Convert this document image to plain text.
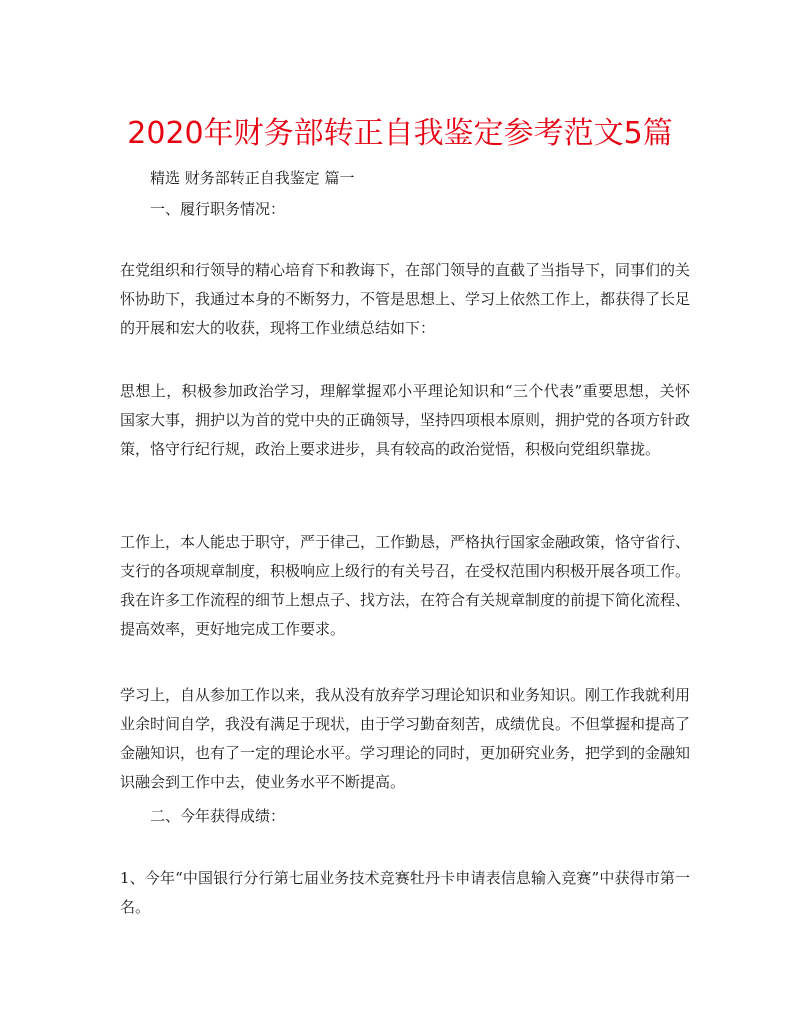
2020年财务部转正自我鉴定参考范文5篇
精选 财务部转正自我鉴定 篇一
一、履行职务情况：
在党组织和行领导的精心培育下和教诲下，在部门领导的直截了当指导下，同事们的关怀协助下，我通过本身的不断努力，不管是思想上、学习上依然工作上，都获得了长足的开展和宏大的收获，现将工作业绩总结如下：
思想上，积极参加政治学习，理解掌握邓小平理论知识和“三个代表”重要思想，关怀国家大事，拥护以为首的党中央的正确领导，坚持四项根本原则，拥护党的各项方针政策，恪守行纪行规，政治上要求进步，具有较高的政治觉悟，积极向党组织靠拢。
工作上，本人能忠于职守，严于律己，工作勤恳，严格执行国家金融政策，恪守省行、支行的各项规章制度，积极响应上级行的有关号召，在受权范围内积极开展各项工作。我在许多工作流程的细节上想点子、找方法，在符合有关规章制度的前提下简化流程、提高效率，更好地完成工作要求。
学习上，自从参加工作以来，我从没有放弃学习理论知识和业务知识。刚工作我就利用业余时间自学，我没有满足于现状，由于学习勤奋刻苦，成绩优良。不但掌握和提高了金融知识，也有了一定的理论水平。学习理论的同时，更加研究业务，把学到的金融知识融会到工作中去，使业务水平不断提高。
二、今年获得成绩：
1、今年“中国银行分行第七届业务技术竞赛牡丹卡申请表信息输入竞赛”中获得市第一名。
